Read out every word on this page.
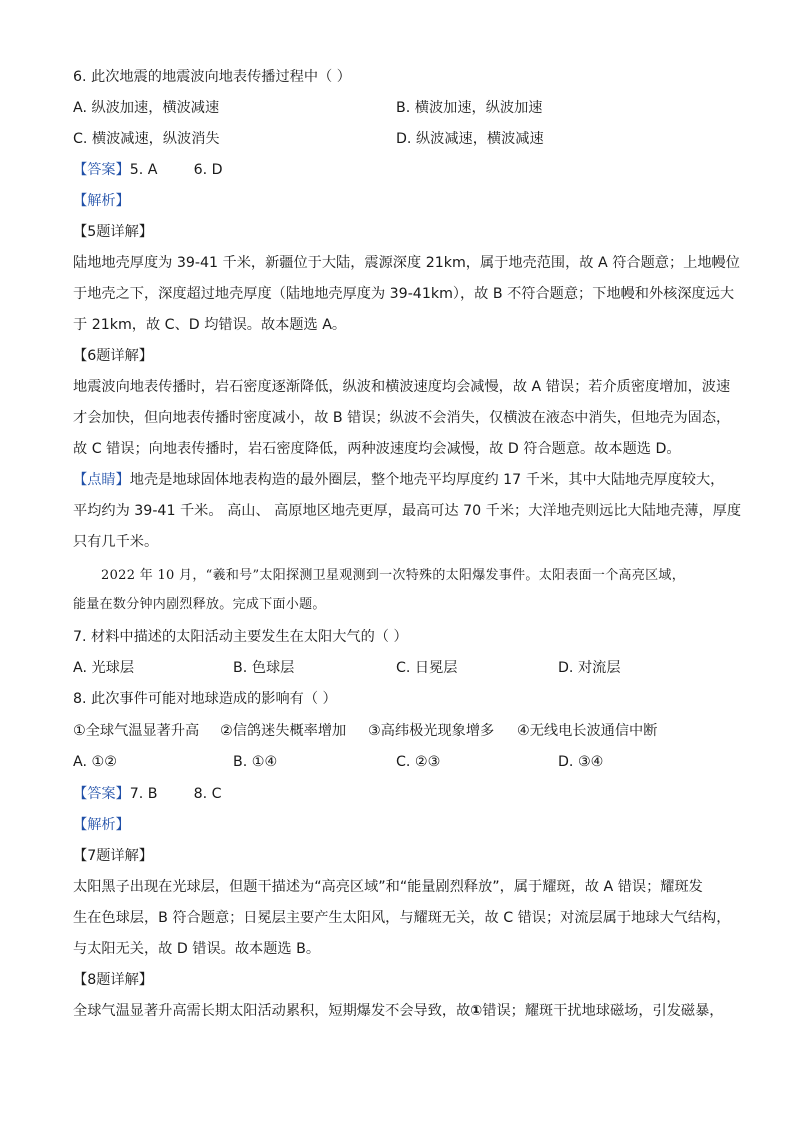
6. 此次地震的地震波向地表传播过程中（ ）
A. 纵波加速，横波减速	B. 横波加速，纵波加速
C. 横波减速，纵波消失	D. 纵波减速，横波减速
【答案】5. A        6. D
【解析】
【5题详解】
陆地地壳厚度为 39-41 千米，新疆位于大陆，震源深度 21km，属于地壳范围，故 A 符合题意；上地幔位
于地壳之下，深度超过地壳厚度（陆地地壳厚度为 39-41km），故 B 不符合题意；下地幔和外核深度远大
于 21km，故 C、D 均错误。故本题选 A。
【6题详解】
地震波向地表传播时，岩石密度逐渐降低，纵波和横波速度均会减慢，故 A 错误；若介质密度增加，波速
才会加快，但向地表传播时密度减小，故 B 错误；纵波不会消失，仅横波在液态中消失，但地壳为固态，
故 C 错误；向地表传播时，岩石密度降低，两种波速度均会减慢，故 D 符合题意。故本题选 D。
【点睛】地壳是地球固体地表构造的最外圈层，整个地壳平均厚度约 17 千米，其中大陆地壳厚度较大，
平均约为 39-41 千米。 高山、 高原地区地壳更厚，最高可达 70 千米；大洋地壳则远比大陆地壳薄，厚度
只有几千米。
2022 年 10 月，“羲和号”太阳探测卫星观测到一次特殊的太阳爆发事件。太阳表面一个高亮区域，
能量在数分钟内剧烈释放。完成下面小题。
7. 材料中描述的太阳活动主要发生在太阳大气的（ ）
A. 光球层	B. 色球层	C. 日冕层	D. 对流层
8. 此次事件可能对地球造成的影响有（ ）
①全球气温显著升高 ②信鸽迷失概率增加 ③高纬极光现象增多 ④无线电长波通信中断
A. ①②	B. ①④	C. ②③	D. ③④
【答案】7. B        8. C
【解析】
【7题详解】
太阳黑子出现在光球层，但题干描述为“高亮区域”和“能量剧烈释放”，属于耀斑，故 A 错误；耀斑发
生在色球层，B 符合题意；日冕层主要产生太阳风，与耀斑无关，故 C 错误；对流层属于地球大气结构，
与太阳无关，故 D 错误。故本题选 B。
【8题详解】
全球气温显著升高需长期太阳活动累积，短期爆发不会导致，故①错误；耀斑干扰地球磁场，引发磁暴，
